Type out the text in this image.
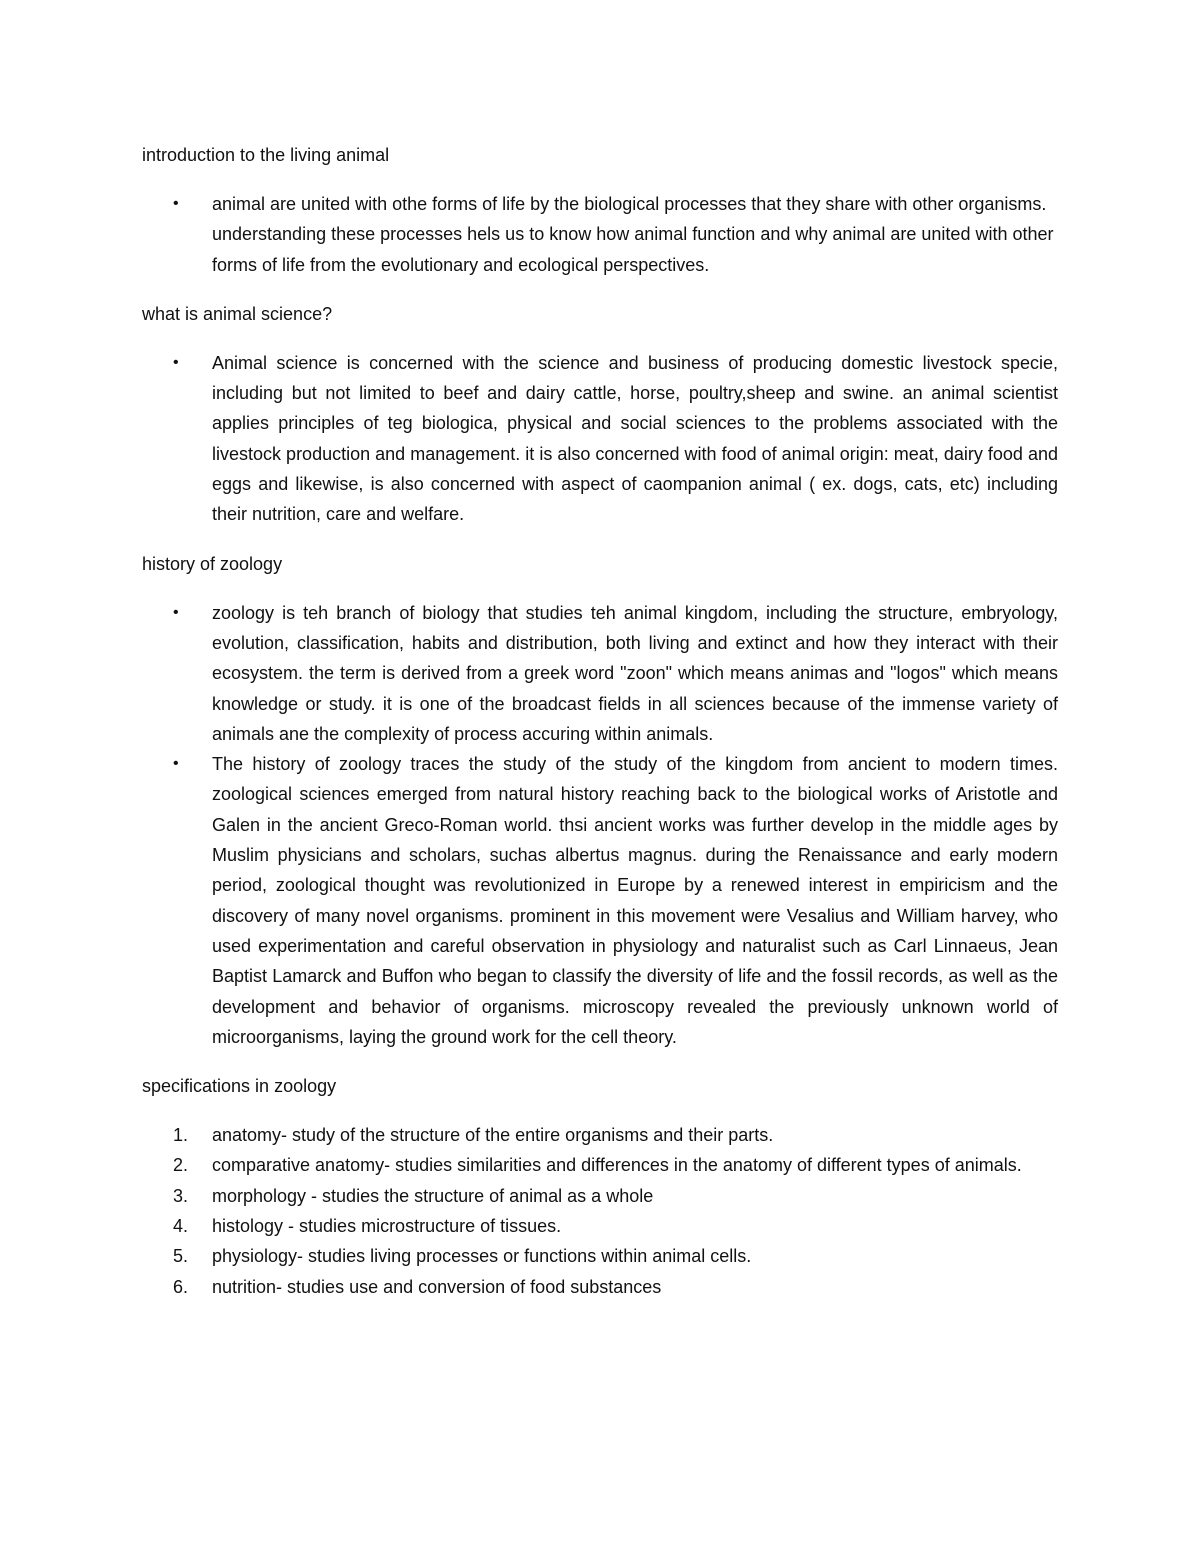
introduction to the living animal

• animal are united with othe forms of life by the biological processes that they share with other organisms. understanding these processes hels us to know how animal function and why animal are united with other forms of life from the evolutionary and ecological perspectives.

what is animal science?

• Animal science is concerned with the science and business of producing domestic livestock specie, including but not limited to beef and dairy cattle, horse, poultry,sheep and swine. an animal scientist applies principles of teg biologica, physical and social sciences to the problems associated with the livestock production and management. it is also concerned with food of animal origin: meat, dairy food and eggs and likewise, is also concerned with aspect of caompanion animal ( ex. dogs, cats, etc) including their nutrition, care and welfare.

history of zoology

• zoology is teh branch of biology that studies teh animal kingdom, including the structure, embryology, evolution, classification, habits and distribution, both living and extinct and how they interact with their ecosystem. the term is derived from a greek word "zoon" which means animas and "logos" which means knowledge or study. it is one of the broadcast fields in all sciences because of the immense variety of animals ane the complexity of process accuring within animals.
• The history of zoology traces the study of the study of the kingdom from ancient to modern times. zoological sciences emerged from natural history reaching back to the biological works of Aristotle and Galen in the ancient Greco-Roman world. thsi ancient works was further develop in the middle ages by Muslim physicians and scholars, suchas albertus magnus. during the Renaissance and early modern period, zoological thought was revolutionized in Europe by a renewed interest in empiricism and the discovery of many novel organisms. prominent in this movement were Vesalius and William harvey, who used experimentation and careful observation in physiology and naturalist such as Carl Linnaeus, Jean Baptist Lamarck and Buffon who began to classify the diversity of life and the fossil records, as well as the development and behavior of organisms. microscopy revealed the previously unknown world of microorganisms, laying the ground work for the cell theory.

specifications in zoology

1.	anatomy- study of the structure of the entire organisms and their parts.
2.	comparative anatomy- studies similarities and differences in the anatomy of different types of animals.
3.	morphology - studies the structure of animal as a whole
4.	histology - studies microstructure of tissues.
5.	physiology- studies living processes or functions within animal cells.
6.	nutrition- studies use and conversion of food substances
